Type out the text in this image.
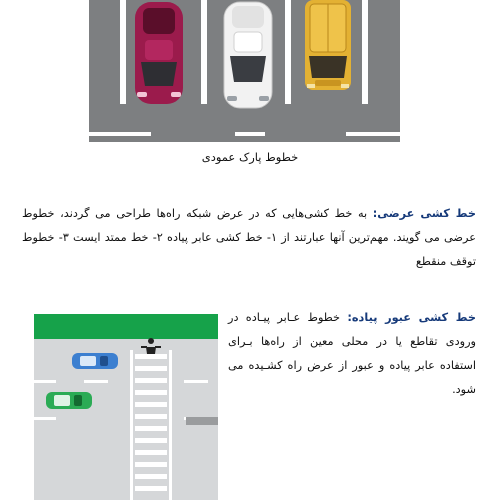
خطوط پارک عمودی
خط کشی عرضی: به خط کشی‌هایی که در عرض شبکه راه‌ها طراحی می گردند، خطوط عرضی می گویند. مهم‌ترین آنها عبارتند از ۱- خط کشی عابر پیاده ۲- خط ممتد ایست ۳- خطوط توقف منقطع
خط کشی عبور پیاده: خطوط عـابر پیـاده در ورودی تقاطع یا در محلی معین از راه‌ها بـرای استفاده عابر پیاده و عبور از عرض راه کشـیده می شود.
